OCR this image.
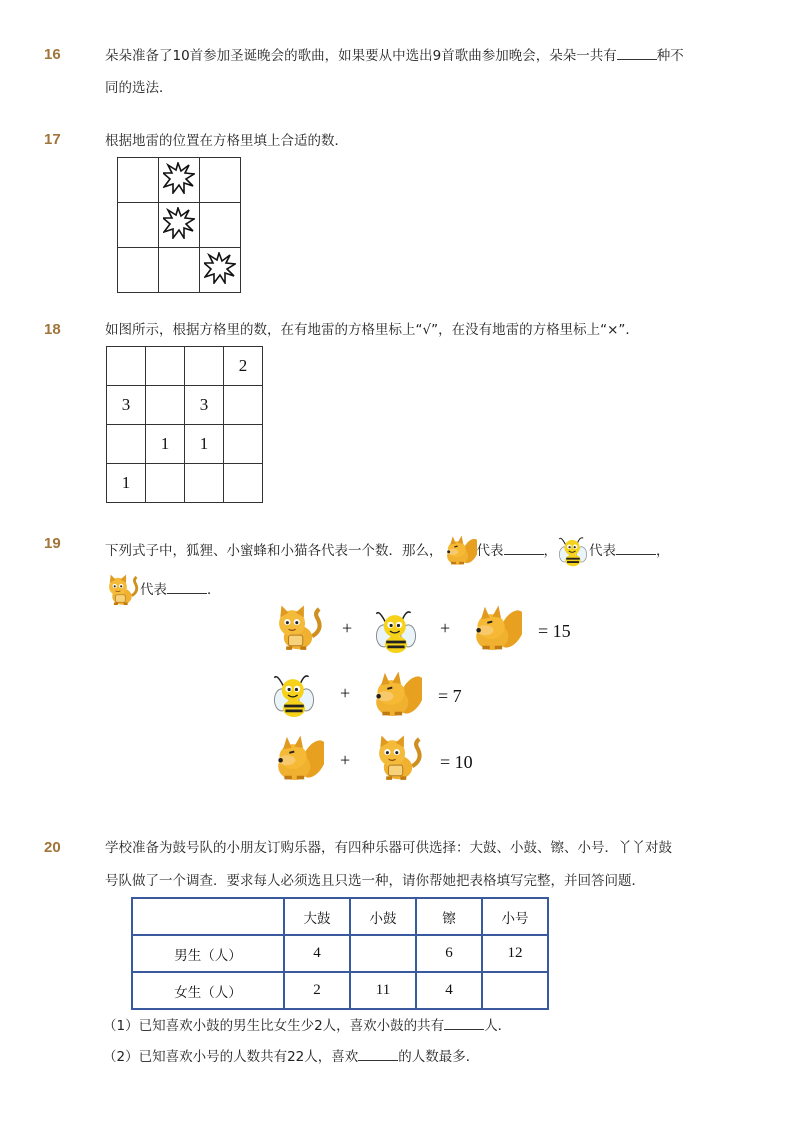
16	朵朵准备了10首参加圣诞晚会的歌曲，如果要从中选出9首歌曲参加晚会，朵朵一共有	种不
同的选法．
17	根据地雷的位置在方格里填上合适的数．

18	如图所示，根据方格里的数，在有地雷的方格里标上“√”，在没有地雷的方格里标上“×”．
			2
3		3	
	1	1	
1			
19	下列式子中，狐狸、小蜜蜂和小猫各代表一个数．那么，	代表	， 代表	，
代表	．
+	+	= 15
+	= 7
+	= 10
20	学校准备为鼓号队的小朋友订购乐器，有四种乐器可供选择：大鼓、小鼓、镲、小号．丫丫对鼓
号队做了一个调查．要求每人必须选且只选一种，请你帮她把表格填写完整，并回答问题．
	大鼓	小鼓	镲	小号
男生（人）	4		6	12
女生（人）	2	11	4	
（1）已知喜欢小鼓的男生比女生少2人，喜欢小鼓的共有	人．
（2）已知喜欢小号的人数共有22人，喜欢	的人数最多．
